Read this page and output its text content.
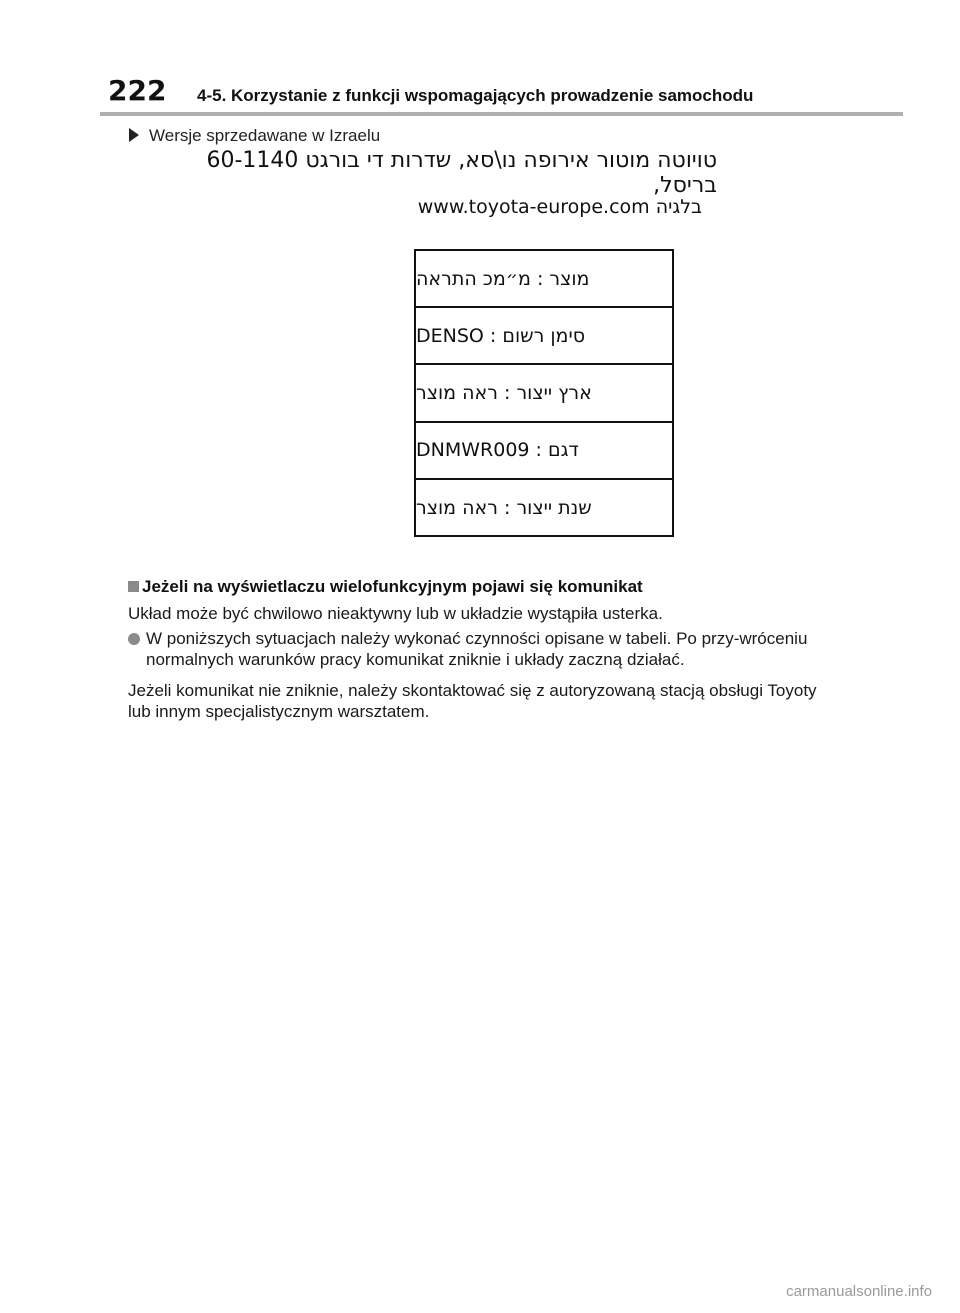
222 4-5. Korzystanie z funkcji wspomagających prowadzenie samochodu
Wersje sprzedawane w Izraelu
טויוטה מוטור אירופה נו\סא, שדרות די בורגט 60-1140 בריסל,
בלגיה www.toyota-europe.com
מוצר :

מ״מכ התראה
סימן רשום :

DENSO
ארץ ייצור :

ראה מוצר
דגם :

DNMWR009
שנת ייצור :

ראה מוצר
Jeżeli na wyświetlaczu wielofunkcyjnym pojawi się komunikat
Układ może być chwilowo nieaktywny lub w układzie wystąpiła usterka.
W poniższych sytuacjach należy wykonać czynności opisane w tabeli. Po przy-wróceniu normalnych warunków pracy komunikat zniknie i układy zaczną działać.
Jeżeli komunikat nie zniknie, należy skontaktować się z autoryzowaną stacją obsługi Toyoty lub innym specjalistycznym warsztatem.
carmanualsonline.info
